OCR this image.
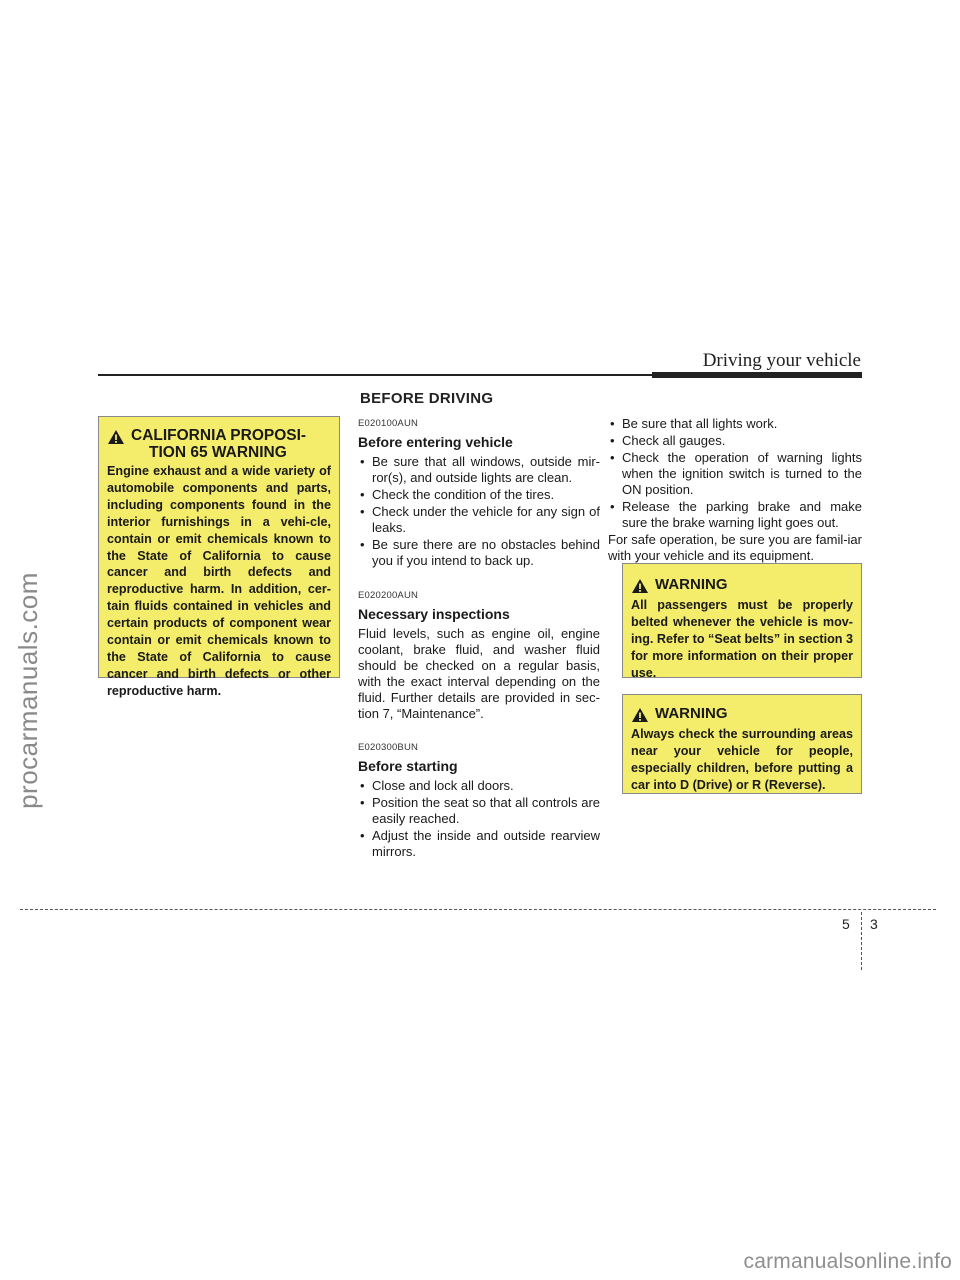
procarmanuals.com
Driving your vehicle
BEFORE DRIVING
CALIFORNIA PROPOSI-
TION 65 WARNING
Engine exhaust and a wide variety of automobile components and parts, including components found in the interior furnishings in a vehi-cle, contain or emit chemicals known to the State of California to cause cancer and birth defects and reproductive harm. In addition, cer-tain fluids contained in vehicles and certain products of component wear contain or emit chemicals known to the State of California to cause cancer and birth defects or other reproductive harm.
E020100AUN
Before entering vehicle
• Be sure that all windows, outside mir-ror(s), and outside lights are clean.
• Check the condition of the tires.
• Check under the vehicle for any sign of leaks.
• Be sure there are no obstacles behind you if you intend to back up.
E020200AUN
Necessary inspections

Fluid levels, such as engine oil, engine coolant, brake fluid, and washer fluid should be checked on a regular basis, with the exact interval depending on the fluid. Further details are provided in sec-tion 7, “Maintenance”.

E020300BUN
Before starting
• Close and lock all doors.
• Position the seat so that all controls are easily reached.
• Adjust the inside and outside rearview mirrors.
• Be sure that all lights work.
• Check all gauges.
• Check the operation of warning lights when the ignition switch is turned to the ON position.
• Release the parking brake and make sure the brake warning light goes out.

For safe operation, be sure you are famil-iar with your vehicle and its equipment.

WARNING
All passengers must be properly belted whenever the vehicle is mov-ing. Refer to “Seat belts” in section 3 for more information on their proper use.
WARNING
Always check the surrounding areas near your vehicle for people, especially children, before putting a car into D (Drive) or R (Reverse).
5 3
carmanualsonline.info
